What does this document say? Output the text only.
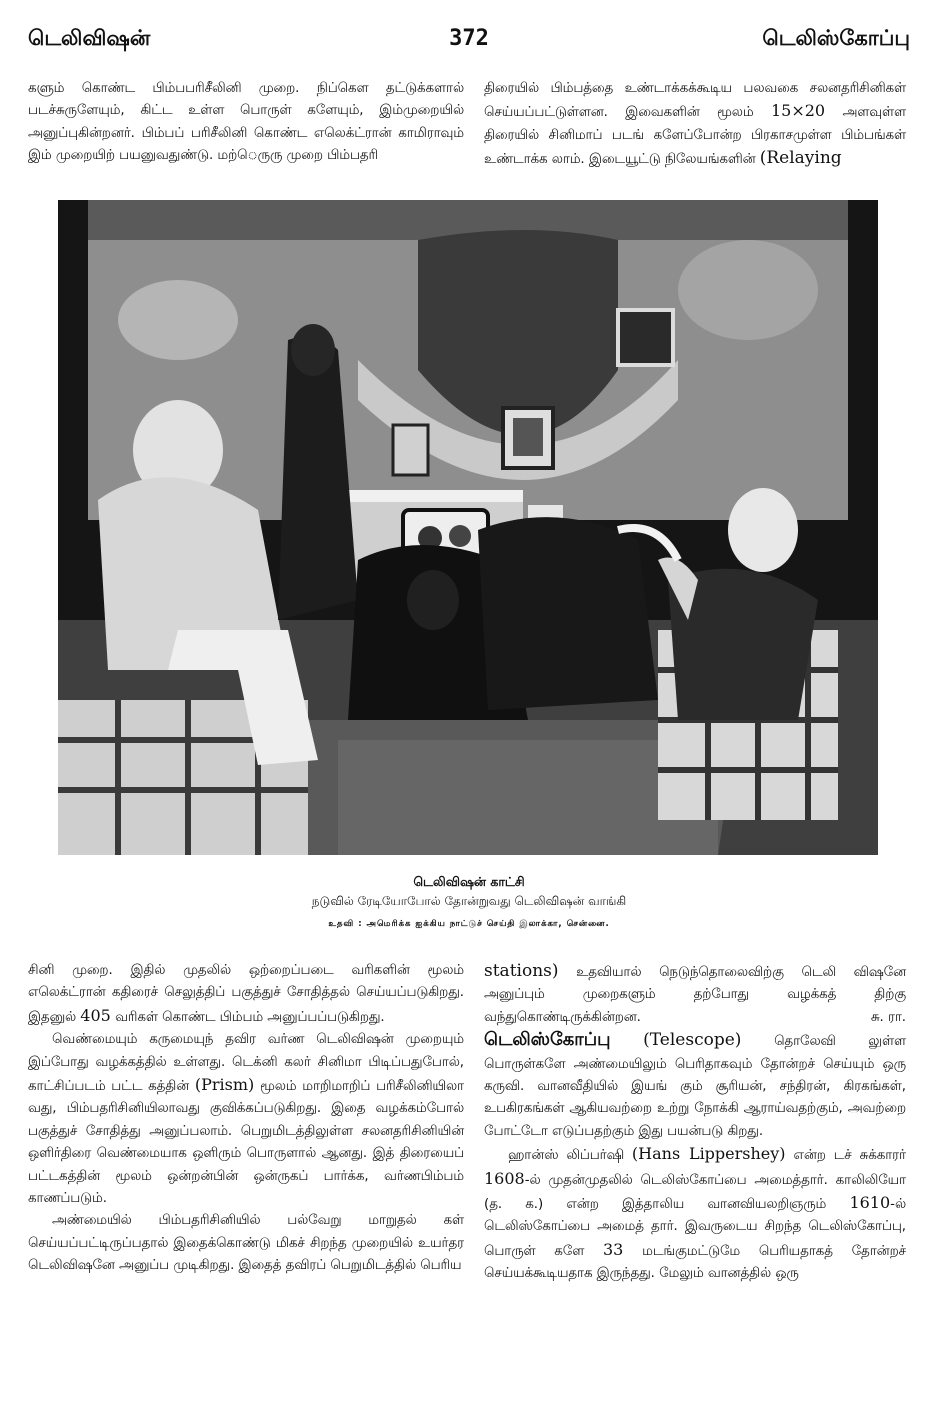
டெலிவிஷன்	372	டெலிஸ்கோப்பு

களும் கொண்ட பிம்பபரிசீலினி முறை. நிப்கௌ தட்டுக்களால் படச்சுருளேயும், கிட்ட உள்ள பொருள் களேயும், இம்முறையில் அனுப்புகின்றனர். பிம்பப் பரிசீலினி கொண்ட எலெக்ட்ரான் காமிராவும் இம் முறையிற் பயனுவதுண்டு. மற்ெருரு முறை பிம்பதரி

திரையில் பிம்பத்தை உண்டாக்கக்கூடிய பலவகை சலனதரிசினிகள் செய்யப்பட்டுள்ளன. இவைகளின் மூலம் 15×20 அளவுள்ள திரையில் சினிமாப் படங் களேப்போன்ற பிரகாசமுள்ள பிம்பங்கள் உண்டாக்க லாம். இடையூட்டு நிலேயங்களின் (Relaying

டெலிவிஷன் காட்சி
நடுவில் ரேடியோபோல் தோன்றுவது டெலிவிஷன் வாங்கி
உதவி : அமெரிக்க ஐக்கிய நாட்டுச் செய்தி இலாக்கா, சென்னை.

சினி முறை. இதில் முதலில் ஒற்றைப்படை வரிகளின் மூலம் எலெக்ட்ரான் கதிரைச் செலுத்திப் பகுத்துச் சோதித்தல் செய்யப்படுகிறது. இதனுல் 405 வரிகள் கொண்ட பிம்பம் அனுப்பப்படுகிறது.

வெண்மையும் கருமையுந் தவிர வர்ண டெலிவிஷன் முறையும் இப்போது வழக்கத்தில் உள்ளது. டெக்னி கலர் சினிமா பிடிப்பதுபோல், காட்சிப்படம் பட்ட கத்தின் (Prism) மூலம் மாறிமாறிப் பரிசீலினியிலா வது, பிம்பதரிசினியிலாவது குவிக்கப்படுகிறது. இதை வழக்கம்போல் பகுத்துச் சோதித்து அனுப்பலாம். பெறுமிடத்திலுள்ள சலனதரிசினியின் ஒளிர்திரை வெண்மையாக ஒளிரும் பொருளால் ஆனது. இத் திரையைப் பட்டகத்தின் மூலம் ஒன்றன்பின் ஒன்ருகப் பார்க்க, வர்ணபிம்பம் காணப்படும்.

அண்மையில் பிம்பதரிசினியில் பல்வேறு மாறுதல் கள் செய்யப்பட்டிருப்பதால் இதைக்கொண்டு மிகச் சிறந்த முறையில் உயர்தர டெலிவிஷனே அனுப்ப முடிகிறது. இதைத் தவிரப் பெறுமிடத்தில் பெரிய

stations) உதவியால் நெடுந்தொலைவிற்கு டெலி விஷனே அனுப்பும் முறைகளும் தற்போது வழக்கத் திற்கு வந்துகொண்டிருக்கின்றன.	சு. ரா.

டெலிஸ்கோப்பு (Telescope) தொலேவி லுள்ள பொருள்களே அண்மையிலும் பெரிதாகவும் தோன்றச் செய்யும் ஒரு கருவி. வானவீதியில் இயங் கும் சூரியன், சந்திரன், கிரகங்கள், உபகிரகங்கள் ஆகியவற்றை உற்று நோக்கி ஆராய்வதற்கும், அவற்றை போட்டோ எடுப்பதற்கும் இது பயன்படு கிறது.

ஹான்ஸ் லிப்பர்ஷி (Hans Lippershey) என்ற டச் சுக்காரர் 1608-ல் முதன்முதலில் டெலிஸ்கோப்பை அமைத்தார். காலிலியோ (த. க.) என்ற இத்தாலிய வானவியலறிஞரும் 1610-ல் டெலிஸ்கோப்பை அமைத் தார். இவருடைய சிறந்த டெலிஸ்கோப்பு, பொருள் களே 33 மடங்குமட்டுமே பெரியதாகத் தோன்றச் செய்யக்கூடியதாக இருந்தது. மேலும் வானத்தில் ஒரு
